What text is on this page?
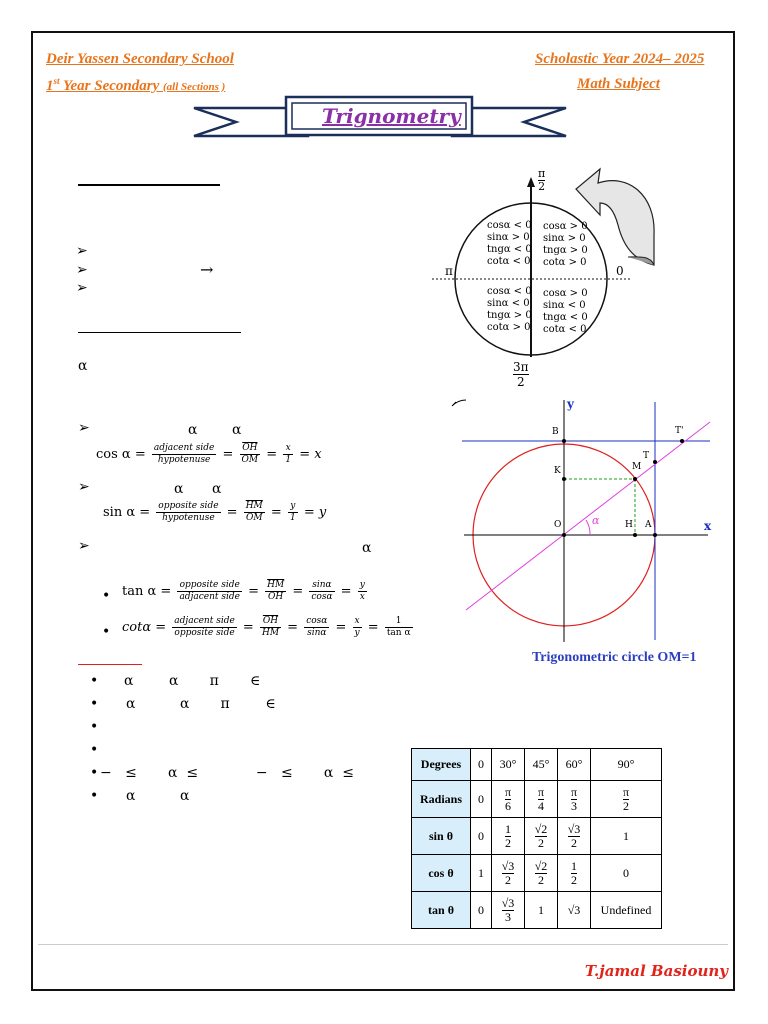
Deir Yassen Secondary School
1st Year Secondary (all Sections )
Scholastic Year 2024– 2025
Math Subject
Trignometry
➢
➢	→
➢
α
➢	α α
$\cos \alpha = \frac{\text{adjacent side}}{\text{hypotenuse}} = \frac{\overline{OH}}{OM} = \frac{x}{1} = x$
➢	α α
$\sin \alpha = \frac{\text{opposite side}}{\text{hypotenuse}} = \frac{\overline{HM}}{OM} = \frac{y}{1} = y$
➢	α
• $\tan \alpha = \frac{\text{opposite side}}{\text{adjacent side}} = \frac{\overline{HM}}{OH} = \frac{\sin\alpha}{\cos\alpha} = \frac{y}{x}$
• $\cot\alpha = \frac{\text{adjacent side}}{\text{opposite side}} = \frac{\overline{OH}}{HM} = \frac{\cos\alpha}{\sin\alpha} = \frac{x}{y} = \frac{1}{\text{tan α}}$
• α        α       π       ∈
• α          α       π        ∈
•
•
• −   ≤       α  ≤             −   ≤       α  ≤
• α          α
π
2
π	0
3π
2
cosα < 0
sinα > 0
tngα < 0
cotα < 0
cosα > 0
sinα > 0
tngα > 0
cotα > 0
cosα < 0
sinα < 0
tngα > 0
cotα > 0
cosα > 0
sinα < 0
tngα < 0
cotα < 0
y
x
B	T'
T
K	M
O	H A
α
Trigonometric circle OM=1
Degrees	0	30°	45°	60°	90°
Radians	0	$\frac{\pi}{6}$	$\frac{\pi}{4}$	$\frac{\pi}{3}$	$\frac{\pi}{2}$

sin θ	0	$\frac{1}{2}$	$\frac{√2}{2}$	$\frac{√3}{2}$	1
cos θ	1	$\frac{√3}{2}$	$\frac{√2}{2}$	$\frac{1}{2}$	0
tan θ	0	$\frac{√3}{3}$	1	√3	Undefined
T.jamal Basiouny
